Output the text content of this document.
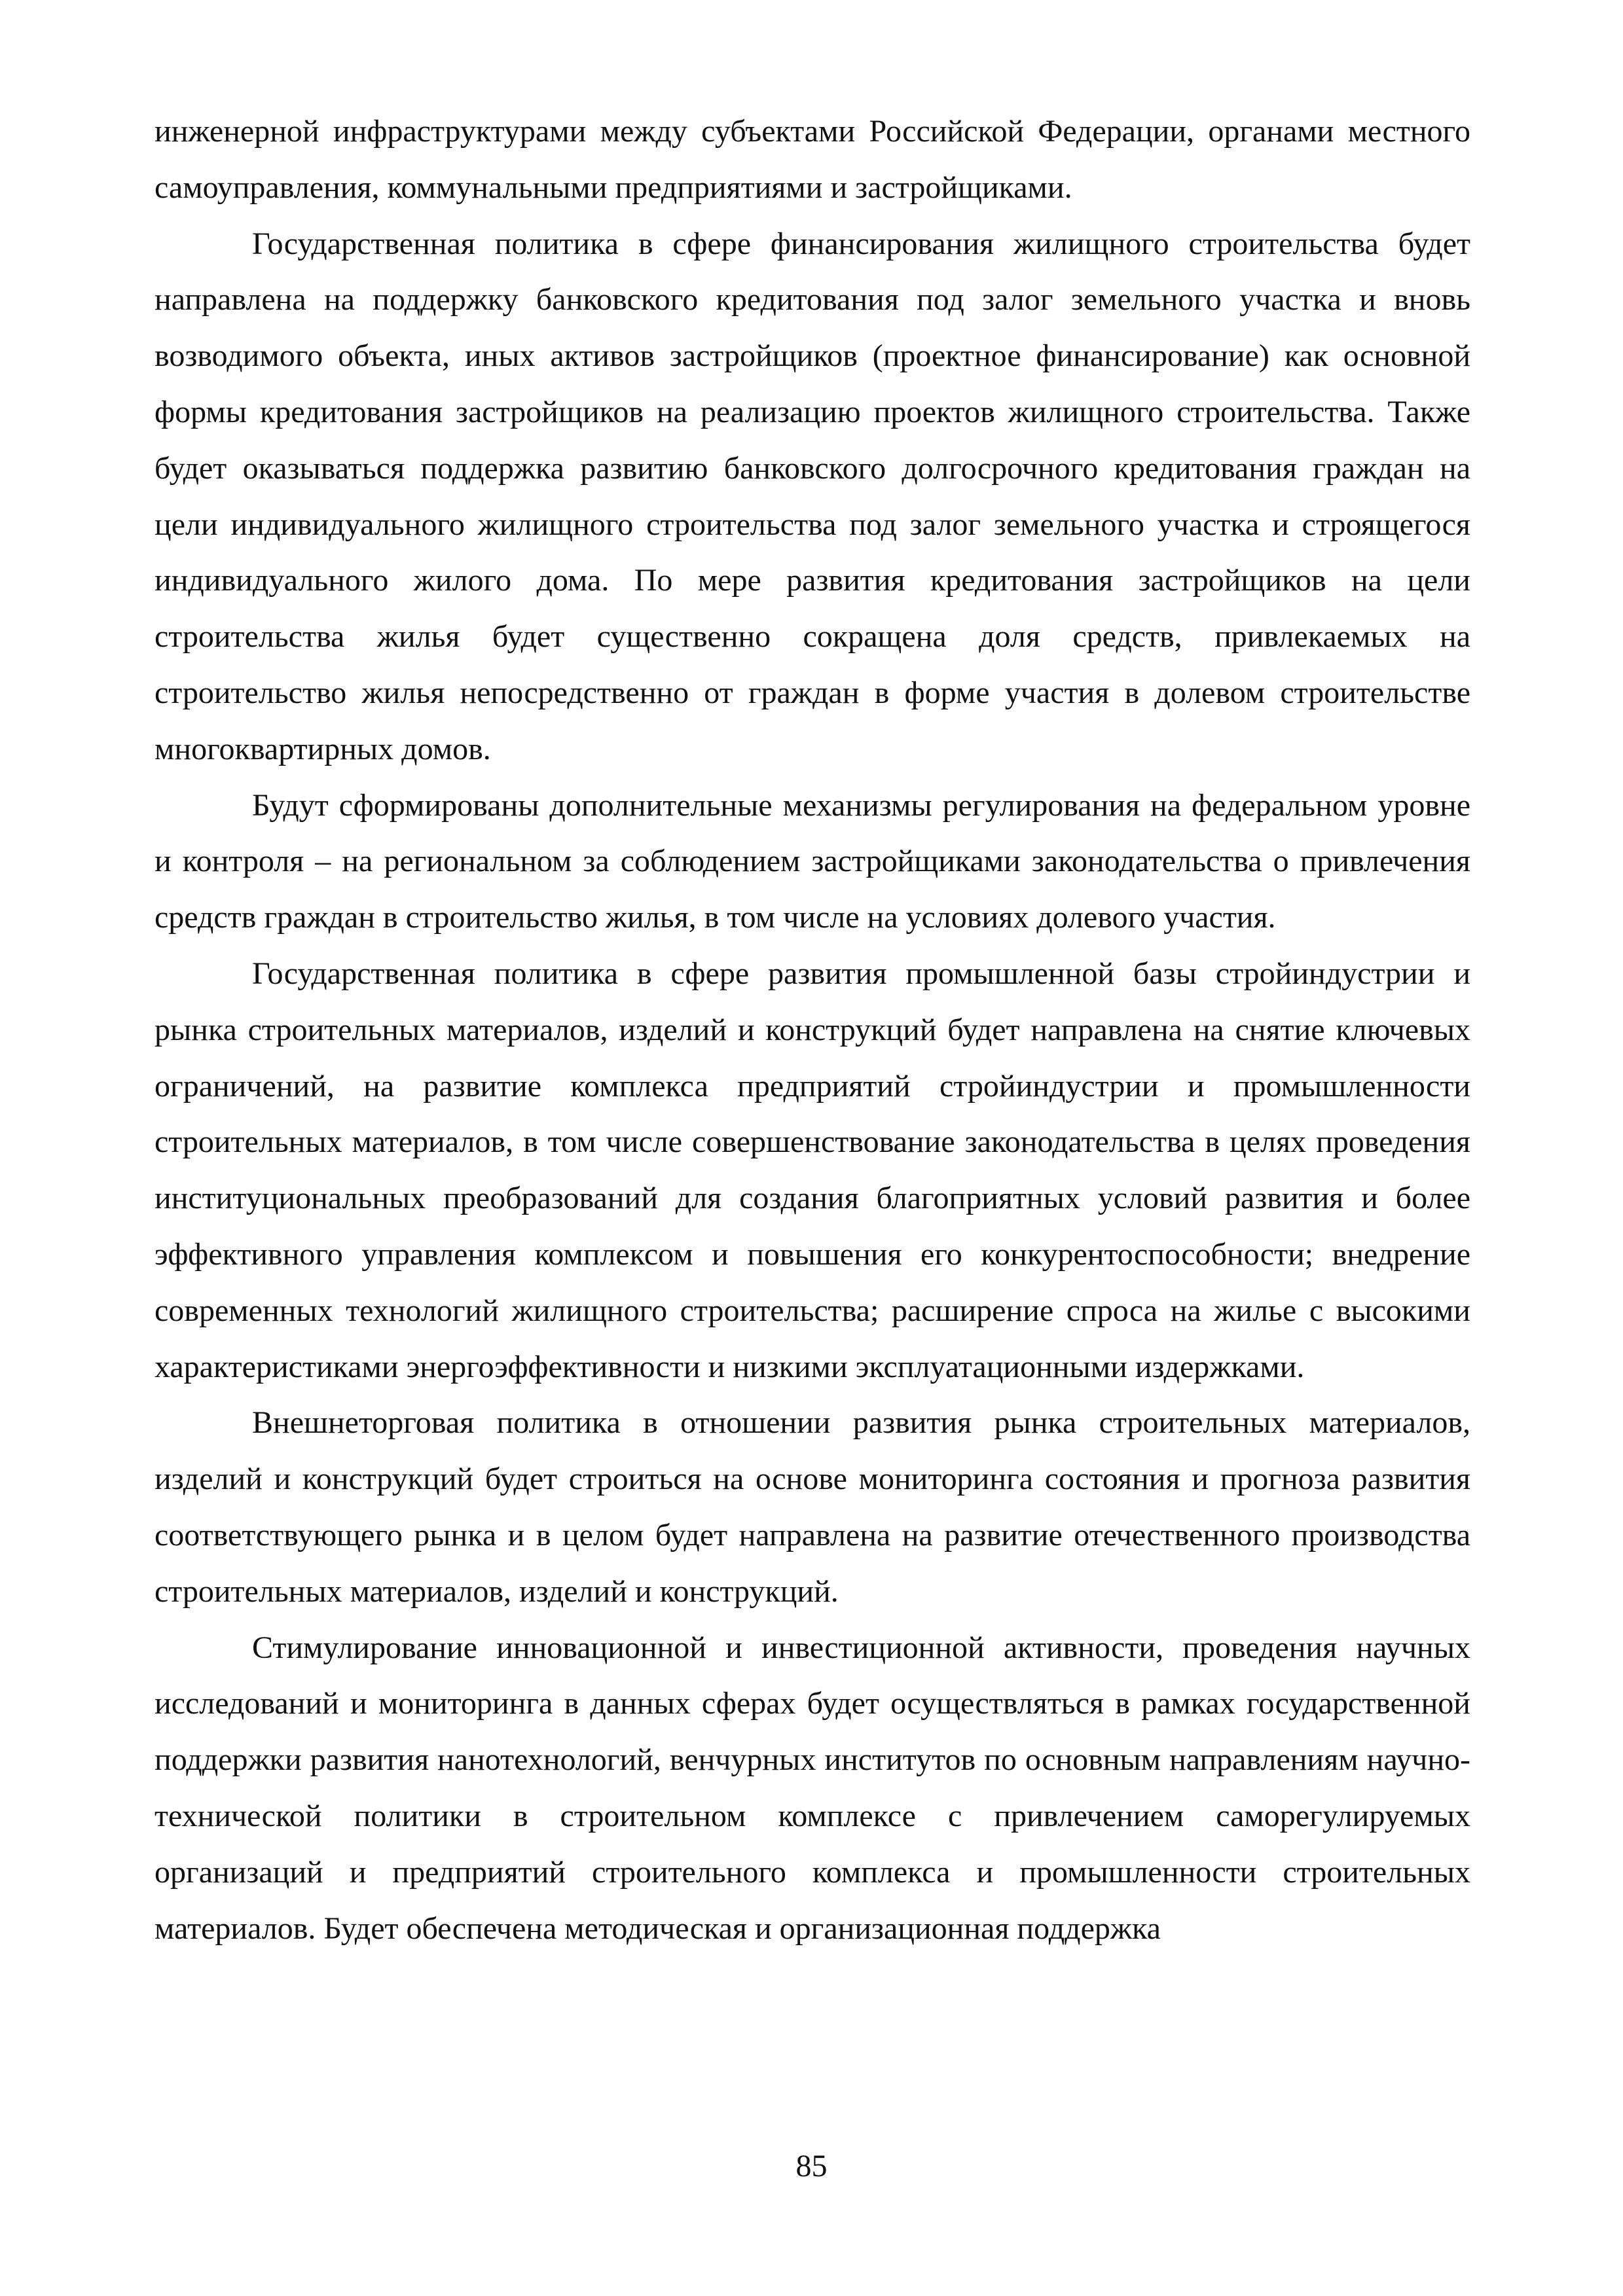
инженерной инфраструктурами между субъектами Российской Федерации, органами местного самоуправления, коммунальными предприятиями и застройщиками.

Государственная политика в сфере финансирования жилищного строительства будет направлена на поддержку банковского кредитования под залог земельного участка и вновь возводимого объекта, иных активов застройщиков (проектное финансирование) как основной формы кредитования застройщиков на реализацию проектов жилищного строительства. Также будет оказываться поддержка развитию банковского долгосрочного кредитования граждан на цели индивидуального жилищного строительства под залог земельного участка и строящегося индивидуального жилого дома. По мере развития кредитования застройщиков на цели строительства жилья будет существенно сокращена доля средств, привлекаемых на строительство жилья непосредственно от граждан в форме участия в долевом строительстве многоквартирных домов.

Будут сформированы дополнительные механизмы регулирования на федеральном уровне и контроля – на региональном за соблюдением застройщиками законодательства о привлечения средств граждан в строительство жилья, в том числе на условиях долевого участия.

Государственная политика в сфере развития промышленной базы стройиндустрии и рынка строительных материалов, изделий и конструкций будет направлена на снятие ключевых ограничений, на развитие комплекса предприятий стройиндустрии и промышленности строительных материалов, в том числе совершенствование законодательства в целях проведения институциональных преобразований для создания благоприятных условий развития и более эффективного управления комплексом и повышения его конкурентоспособности; внедрение современных технологий жилищного строительства; расширение спроса на жилье с высокими характеристиками энергоэффективности и низкими эксплуатационными издержками.

Внешнеторговая политика в отношении развития рынка строительных материалов, изделий и конструкций будет строиться на основе мониторинга состояния и прогноза развития соответствующего рынка и в целом будет направлена на развитие отечественного производства строительных материалов, изделий и конструкций.

Стимулирование инновационной и инвестиционной активности, проведения научных исследований и мониторинга в данных сферах будет осуществляться в рамках государственной поддержки развития нанотехнологий, венчурных институтов по основным направлениям научно-технической политики в строительном комплексе с привлечением саморегулируемых организаций и предприятий строительного комплекса и промышленности строительных материалов. Будет обеспечена методическая и организационная поддержка

85
